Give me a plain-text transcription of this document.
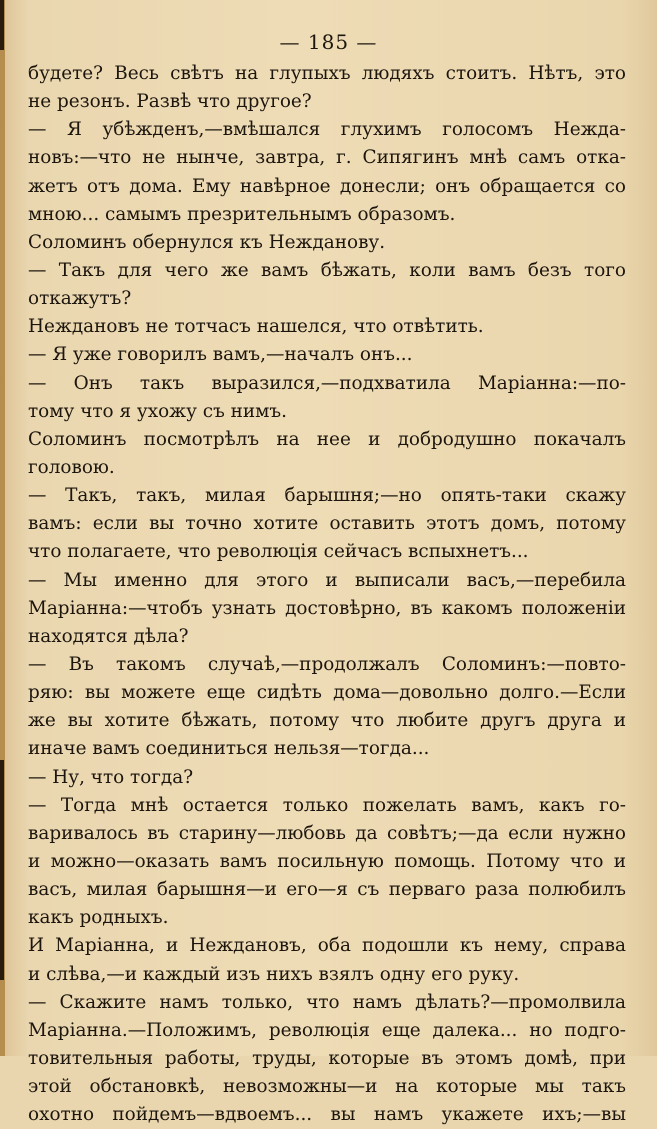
— 185 —
будете? Весь свѣтъ на глупыхъ людяхъ стоитъ. Нѣтъ, это
не резонъ. Развѣ что другое?
— Я убѣжденъ,—вмѣшался глухимъ голосомъ Нежда-
новъ:—что не нынче, завтра, г. Сипягинъ мнѣ самъ отка-
жетъ отъ дома. Ему навѣрное донесли; онъ обращается со
мною... самымъ презрительнымъ образомъ.
Соломинъ обернулся къ Нежданову.
— Такъ для чего же вамъ бѣжать, коли вамъ безъ того
откажутъ?
Неждановъ не тотчасъ нашелся, что отвѣтить.
— Я уже говорилъ вамъ,—началъ онъ...
— Онъ такъ выразился,—подхватила Маріанна:—по-
тому что я ухожу съ нимъ.
Соломинъ посмотрѣлъ на нее и добродушно покачалъ
головою.
— Такъ, такъ, милая барышня;—но опять-таки скажу
вамъ: если вы точно хотите оставить этотъ домъ, потому
что полагаете, что революція сейчасъ вспыхнетъ...
— Мы именно для этого и выписали васъ,—перебила
Маріанна:—чтобъ узнать достовѣрно, въ какомъ положеніи
находятся дѣла?
— Въ такомъ случаѣ,—продолжалъ Соломинъ:—повто-
ряю: вы можете еще сидѣть дома—довольно долго.—Если
же вы хотите бѣжать, потому что любите другъ друга и
иначе вамъ соединиться нельзя—тогда...
— Ну, что тогда?
— Тогда мнѣ остается только пожелать вамъ, какъ го-
варивалось въ старину—любовь да совѣтъ;—да если нужно
и можно—оказать вамъ посильную помощь. Потому что и
васъ, милая барышня—и его—я съ перваго раза полюбилъ
какъ родныхъ.
И Маріанна, и Неждановъ, оба подошли къ нему, справа
и слѣва,—и каждый изъ нихъ взялъ одну его руку.
— Скажите намъ только, что намъ дѣлать?—промолвила
Маріанна.—Положимъ, революція еще далека... но подго-
товительныя работы, труды, которые въ этомъ домѣ, при
этой обстановкѣ, невозможны—и на которые мы такъ
охотно пойдемъ—вдвоемъ... вы намъ укажете ихъ;—вы
